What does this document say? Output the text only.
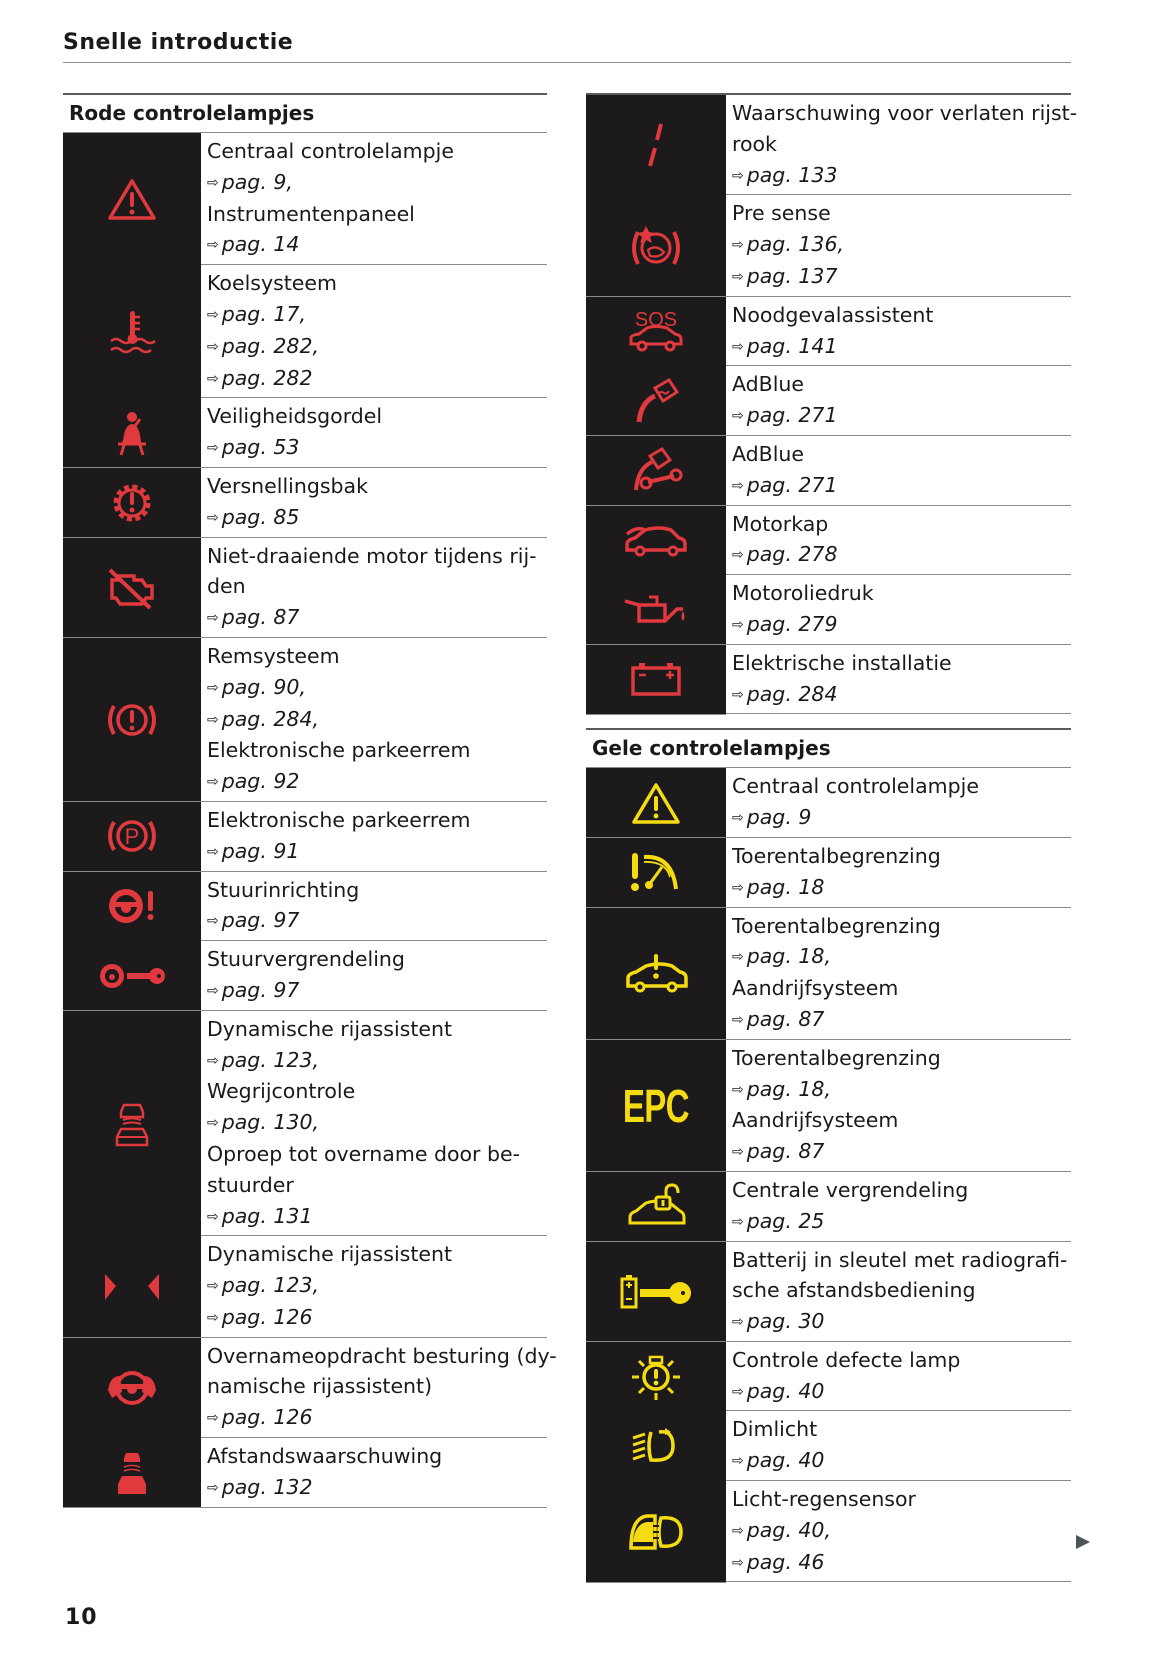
Snelle introductie
Rode controlelampjes
Centraal controlelampje
⇨ pag. 9,
Instrumentenpaneel
⇨ pag. 14
Koelsysteem
⇨ pag. 17,
⇨ pag. 282,
⇨ pag. 282
Veiligheidsgordel
⇨ pag. 53
Versnellingsbak
⇨ pag. 85
Niet-draaiende motor tijdens rij-
den
⇨ pag. 87
Remsysteem
⇨ pag. 90,
⇨ pag. 284,
Elektronische parkeerrem
⇨ pag. 92
P
Elektronische parkeerrem
⇨ pag. 91
Stuurinrichting
⇨ pag. 97
Stuurvergrendeling
⇨ pag. 97
Dynamische rijassistent
⇨ pag. 123,
Wegrijcontrole
⇨ pag. 130,
Oproep tot overname door be-
stuurder
⇨ pag. 131
Dynamische rijassistent
⇨ pag. 123,
⇨ pag. 126
Overnameopdracht besturing (dy-
namische rijassistent)
⇨ pag. 126
Afstandswaarschuwing
⇨ pag. 132
Waarschuwing voor verlaten rijst-
rook
⇨ pag. 133
Pre sense
⇨ pag. 136,
⇨ pag. 137
SOS	Noodgevalassistent
⇨ pag. 141
AdBlue
⇨ pag. 271
AdBlue
⇨ pag. 271
Motorkap
⇨ pag. 278
Motoroliedruk
⇨ pag. 279
Elektrische installatie
⇨ pag. 284
Gele controlelampjes
Centraal controlelampje
⇨ pag. 9
Toerentalbegrenzing
⇨ pag. 18
Toerentalbegrenzing
⇨ pag. 18,
Aandrijfsysteem
⇨ pag. 87
EPC
Toerentalbegrenzing
⇨ pag. 18,
Aandrijfsysteem
⇨ pag. 87
Centrale vergrendeling
⇨ pag. 25
Batterij in sleutel met radiografi-
sche afstandsbediening
⇨ pag. 30
Controle defecte lamp
⇨ pag. 40
Dimlicht
⇨ pag. 40
Licht-regensensor
⇨ pag. 40,
⇨ pag. 46
10
